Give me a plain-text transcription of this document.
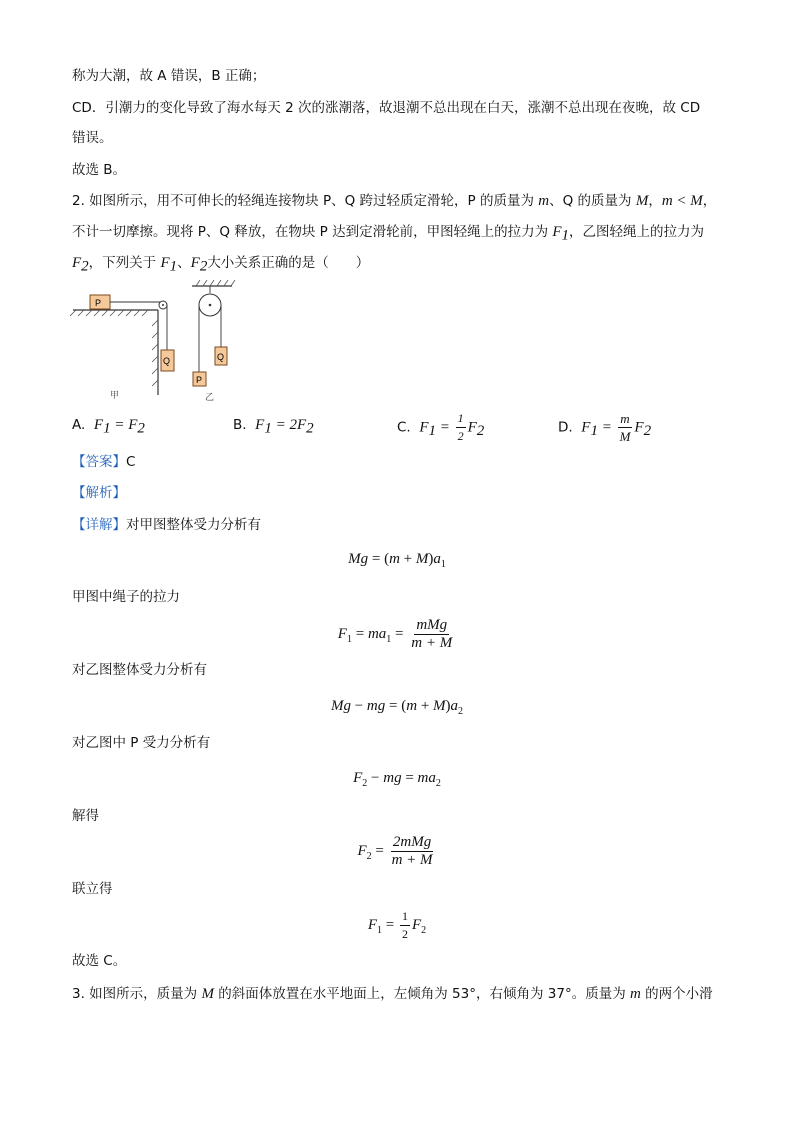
称为大潮，故 A 错误，B 正确；
CD．引潮力的变化导致了海水每天 2 次的涨潮落，故退潮不总出现在白天，涨潮不总出现在夜晚，故 CD
错误。
故选 B。
2. 如图所示，用不可伸长的轻绳连接物块 P、Q 跨过轻质定滑轮，P 的质量为 m、Q 的质量为 M，m < M，
不计一切摩擦。现将 P、Q 释放，在物块 P 达到定滑轮前，甲图轻绳上的拉力为 $F_1$，乙图轻绳上的拉力为
$F_2$，下列关于 $F_1$、$F_2$大小关系正确的是（　　）
P
Q	Q
P
甲	乙
A. $F_1 = F_2$	B. $F_1 = 2F_2$	C. $F_1 = \frac{1}{2} F_2$	D. $F_1 = \frac{m}{M} F_2$
【答案】C
【解析】
【详解】对甲图整体受力分析有
$Mg = (m + M)a_1$
甲图中绳子的拉力
$F_1 = ma_1 = \frac{\text{mMg}}{m + M}$
对乙图整体受力分析有
Mg − mg = $(m + M)a_2$
对乙图中 P 受力分析有
$F_2$ − mg = $ma_2$
解得
$F_2 = \frac{\text{2mMg}}{m + M}$
联立得
$F_1 = \frac{1}{2} F_2$
故选 C。
3. 如图所示，质量为 M 的斜面体放置在水平地面上，左倾角为 53°，右倾角为 37°。质量为 m 的两个小滑
